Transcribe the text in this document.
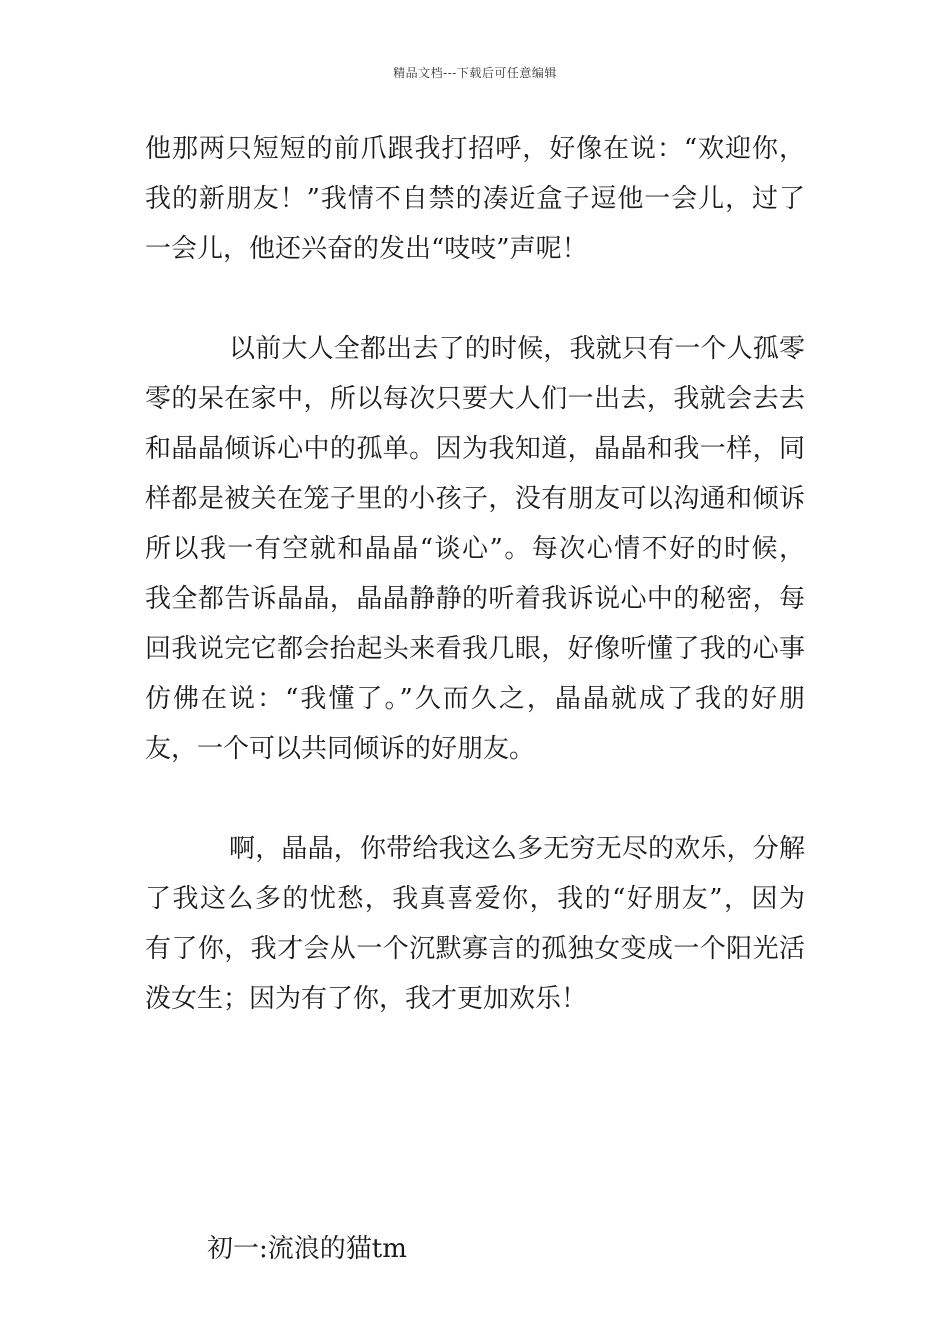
精品文档---下载后可任意编辑
他那两只短短的前爪跟我打招呼，好像在说：“欢迎你，
我的新朋友！”我情不自禁的凑近盒子逗他一会儿，过了
一会儿，他还兴奋的发出“吱吱”声呢！
以前大人全都出去了的时候，我就只有一个人孤零
零的呆在家中，所以每次只要大人们一出去，我就会去去
和晶晶倾诉心中的孤单。因为我知道，晶晶和我一样，同
样都是被关在笼子里的小孩子，没有朋友可以沟通和倾诉
所以我一有空就和晶晶“谈心”。每次心情不好的时候，
我全都告诉晶晶，晶晶静静的听着我诉说心中的秘密，每
回我说完它都会抬起头来看我几眼，好像听懂了我的心事
仿佛在说：“我懂了。”久而久之，晶晶就成了我的好朋
友，一个可以共同倾诉的好朋友。
啊，晶晶，你带给我这么多无穷无尽的欢乐，分解
了我这么多的忧愁，我真喜爱你，我的“好朋友”，因为
有了你，我才会从一个沉默寡言的孤独女变成一个阳光活
泼女生；因为有了你，我才更加欢乐！
初一:流浪的猫tm
